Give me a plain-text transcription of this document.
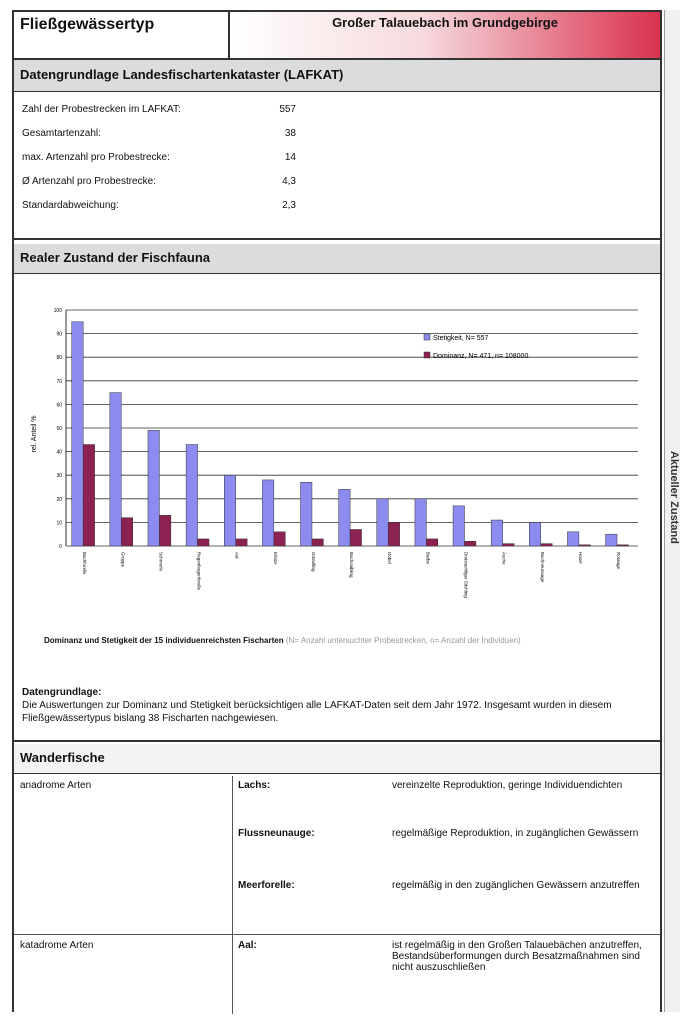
Aktueller Zustand
Fließgewässertyp	Großer Talauebach im Grundgebirge
Datengrundlage Landesfischartenkataster (LAFKAT)
Zahl der Probestrecken im LAFKAT:	557
Gesamtartenzahl:	38
max. Artenzahl pro Probestrecke:	14
Ø Artenzahl pro Probestrecke:	4,3
Standardabweichung:	2,3
Realer Zustand der Fischfauna
0
10
20
30
40
50
60
70
80
90
100
Bachforelle	Groppe	Schmerle	Regenbogenforelle	Aal	Elritze	Gründling	Bachsaibling	Döbel	Barbe	Dreistachliger Stichling	Äsche	Bachneunauge	Hasel	Rotauge
rel. Anteil %
Stetigkeit, N= 557
Dominanz, N= 471, n= 108000
Dominanz und Stetigkeit der 15 individuenreichsten Fischarten (N= Anzahl untersuchter Probestrecken, n= Anzahl der Individuen)
Datengrundlage:
Die Auswertungen zur Dominanz und Stetigkeit berücksichtigen alle LAFKAT-Daten seit dem Jahr 1972. Insgesamt wurden in diesem Fließgewässertypus bislang 38 Fischarten nachgewiesen.
Wanderfische
anadrome Arten	Lachs:	vereinzelte Reproduktion, geringe Individuendichten
Flussneunauge:	regelmäßige Reproduktion, in zugänglichen Gewässern
Meerforelle:	regelmäßig in den zugänglichen Gewässern anzutreffen
katadrome Arten	Aal:	ist regelmäßig in den Großen Talauebächen anzutreffen, Bestandsüberformungen durch Besatzmaßnahmen sind nicht auszuschließen
